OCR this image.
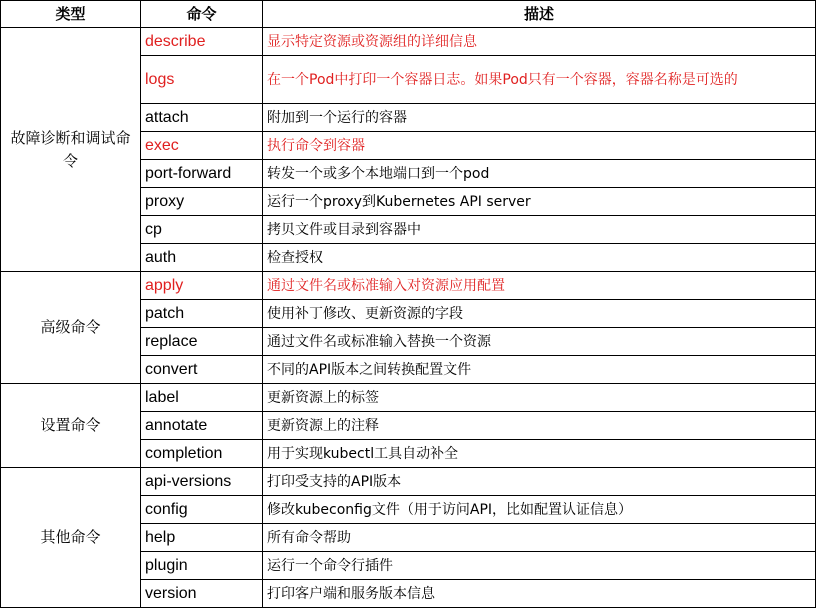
类型	命令	描述
故障诊断和调试命令	describe	显示特定资源或资源组的详细信息
	logs	在一个Pod中打印一个容器日志。如果Pod只有一个容器，容器名称是可选的
	attach	附加到一个运行的容器
	exec	执行命令到容器
	port-forward	转发一个或多个本地端口到一个pod
	proxy	运行一个proxy到Kubernetes API server
	cp	拷贝文件或目录到容器中
	auth	检查授权
高级命令	apply	通过文件名或标准输入对资源应用配置
	patch	使用补丁修改、更新资源的字段
	replace	通过文件名或标准输入替换一个资源
	convert	不同的API版本之间转换配置文件
设置命令	label	更新资源上的标签
	annotate	更新资源上的注释
	completion	用于实现kubectl工具自动补全
其他命令	api-versions	打印受支持的API版本
	config	修改kubeconfig文件（用于访问API，比如配置认证信息）
	help	所有命令帮助
	plugin	运行一个命令行插件
	version	打印客户端和服务版本信息
